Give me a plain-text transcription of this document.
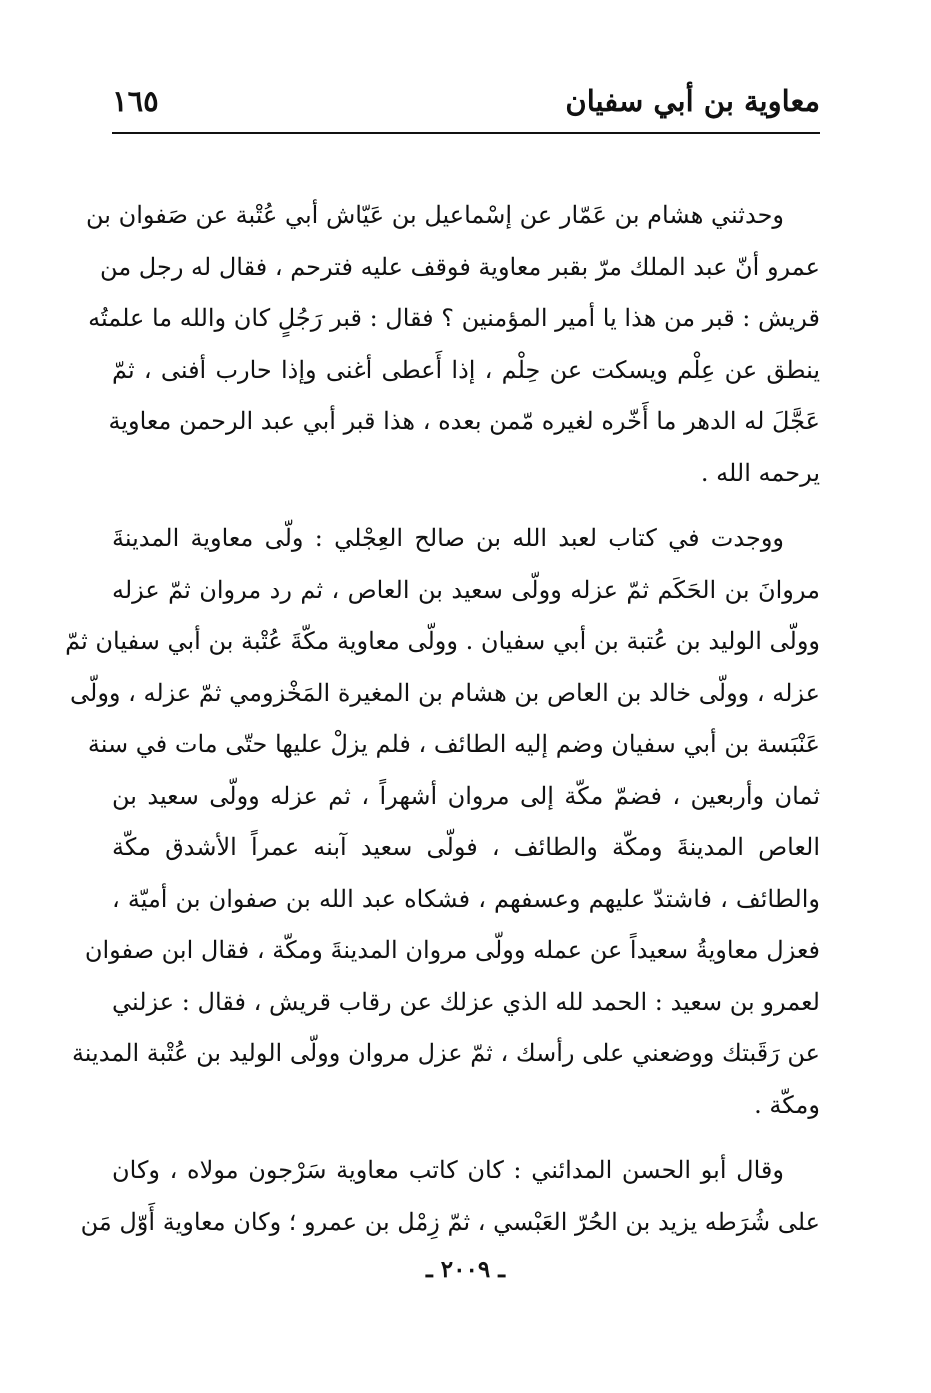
معاوية بن أبي سفيان
١٦٥

وحدثني هشام بن عَمّار عن إسْماعيل بن عَيّاش أبي عُتْبة عن صَفوان بن
عمرو أنّ عبد الملك مرّ بقبر معاوية فوقف عليه فترحم ، فقال له رجل من
قريش : قبر من هذا يا أمير المؤمنين ؟ فقال : قبر رَجُلٍ كان والله ما علمتُه
ينطق عن عِلْم ويسكت عن حِلْم ، إذا أَعطى أغنى وإذا حارب أفنى ، ثمّ
عَجَّلَ له الدهر ما أَخّره لغيره مّمن بعده ، هذا قبر أبي عبد الرحمن معاوية
يرحمه الله .

ووجدت في كتاب لعبد الله بن صالح العِجْلي : ولّى معاوية المدينةَ
مروانَ بن الحَكَم ثمّ عزله وولّى سعيد بن العاص ، ثم رد مروان ثمّ عزله
وولّى الوليد بن عُتبة بن أبي سفيان . وولّى معاوية مكّةَ عُتْبة بن أبي سفيان ثمّ
عزله ، وولّى خالد بن العاص بن هشام بن المغيرة المَخْزومي ثمّ عزله ، وولّى
عَنْبَسة بن أبي سفيان وضم إليه الطائف ، فلم يزلْ عليها حتّى مات في سنة
ثمان وأربعين ، فضمّ مكّة إلى مروان أشهراً ، ثم عزله وولّى سعيد بن
العاص المدينةَ ومكّة والطائف ، فولّى سعيد آبنه عمراً الأشدق مكّة
والطائف ، فاشتدّ عليهم وعسفهم ، فشكاه عبد الله بن صفوان بن أميّة ،
فعزل معاويةُ سعيداً عن عمله وولّى مروان المدينةَ ومكّة ، فقال ابن صفوان
لعمرو بن سعيد : الحمد لله الذي عزلك عن رقاب قريش ، فقال : عزلني
عن رَقَبتك ووضعني على رأسك ، ثمّ عزل مروان وولّى الوليد بن عُتْبة المدينة
ومكّة .

وقال أبو الحسن المدائني : كان كاتب معاوية سَرْجون مولاه ، وكان
على شُرَطه يزيد بن الحُرّ العَبْسي ، ثمّ زِمْل بن عمرو ؛ وكان معاوية أَوّل مَن

ـ ٢٠٠٩ ـ
